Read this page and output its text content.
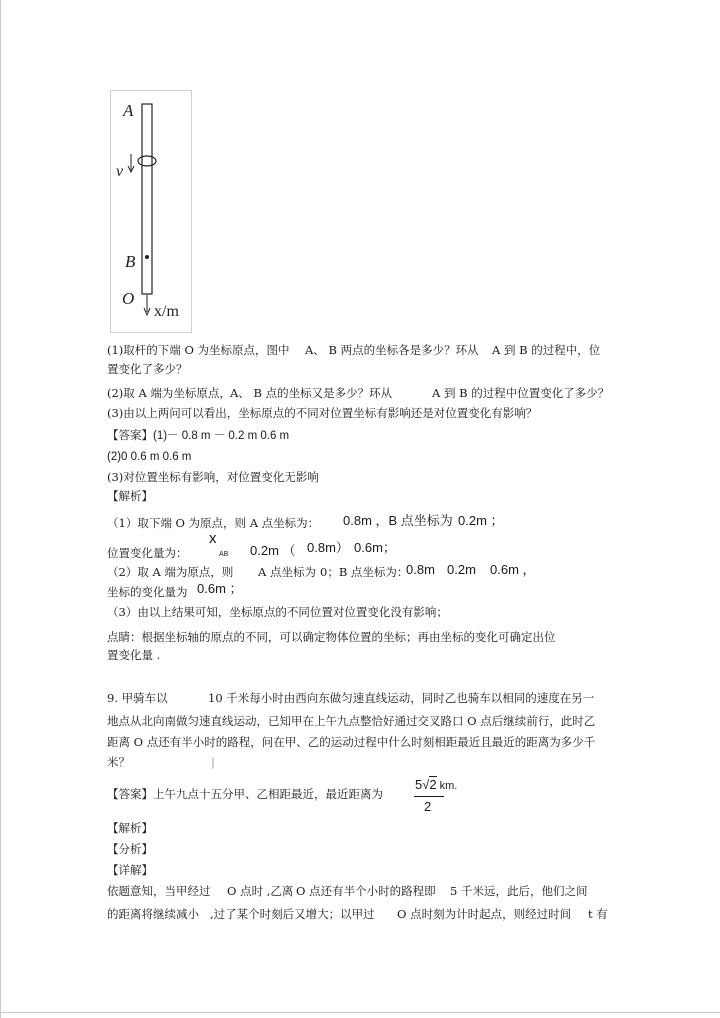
A
v
B
O
x/m
(1)取杆的下端 O 为坐标原点，图中 A、 B 两点的坐标各是多少？环从 A 到 B 的过程中，位
置变化了多少？
(2)取 A 端为坐标原点， A、 B 点的坐标又是多少？环从	A 到 B 的过程中位置变化了多少？
(3)由以上两问可以看出，坐标原点的不同对位置坐标有影响还是对位置变化有影响？
【答案】(1)－ 0.8 m － 0.2 m 0.6 m
(2)0 0.6 m 0.6 m
(3)对位置坐标有影响，对位置变化无影响
【解析】
（1）取下端 O 为原点，则 A 点坐标为： 0.8m ，B 点坐标为 0.2m ；
x
AB
位置变化量为：	0.2m （ 0.8m） 0.6m；
（2）取 A 端为原点，则 A 点坐标为 0；B 点坐标为：
0.8m 0.2m 0.6m ，
坐标的变化量为 0.6m ；
（3）由以上结果可知，坐标原点的不同位置对位置变化没有影响；
点睛：根据坐标轴的原点的不同，可以确定物体位置的坐标；再由坐标的变化可确定出位
置变化量 .
9. 甲骑车以	10 千米每小时由西向东做匀速直线运动，同时乙也骑车以相同的速度在另一
地点从北向南做匀速直线运动，已知甲在上午九点整恰好通过交叉路口 O 点后继续前行，此时乙
距离 O 点还有半小时的路程，问在甲、乙的运动过程中什么时刻相距最近且最近的距离为多少千
米？	|
【答案】上午九点十五分甲、乙相距最近，最近距离为
5√2 km.
2
【解析】
【分析】
【详解】
依题意知，当甲经过 O 点时 ,乙离 O 点还有半个小时的路程即 5 千米远，此后，他们之间
的距离将继续减小 ,过了某个时刻后又增大；以甲过 O 点时刻为计时起点，则经过时间 t 有
